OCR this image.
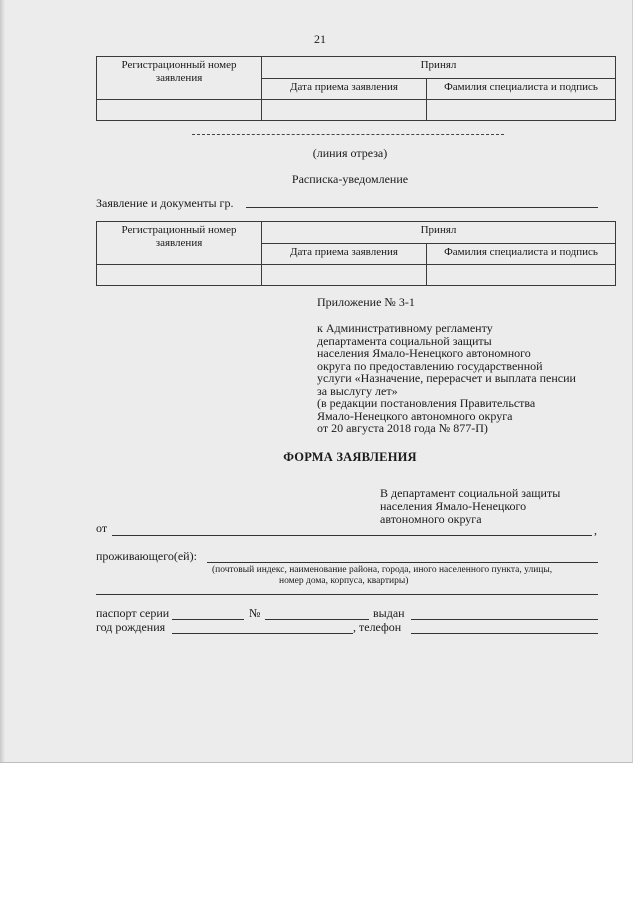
21
Регистрационный номер заявления	Принял	
	Дата приема заявления	Фамилия специалиста и подпись

(линия отреза)
Расписка-уведомление
Заявление и документы гр.
Регистрационный номер заявления	Принял	
	Дата приема заявления	Фамилия специалиста и подпись

Приложение № 3-1
к Административному регламенту
департамента социальной защиты
населения Ямало-Ненецкого автономного
округа по предоставлению государственной
услуги «Назначение, перерасчет и выплата пенсии
за выслугу лет»
(в редакции постановления Правительства
Ямало-Ненецкого автономного округа
от 20 августа 2018 года № 877-П)
ФОРМА ЗАЯВЛЕНИЯ
В департамент социальной защиты
населения Ямало-Ненецкого
автономного округа
от	,
проживающего(ей):
(почтовый индекс, наименование района, города, иного населенного пункта, улицы,
номер дома, корпуса, квартиры)
паспорт серии	№	выдан
год рождения	, телефон
